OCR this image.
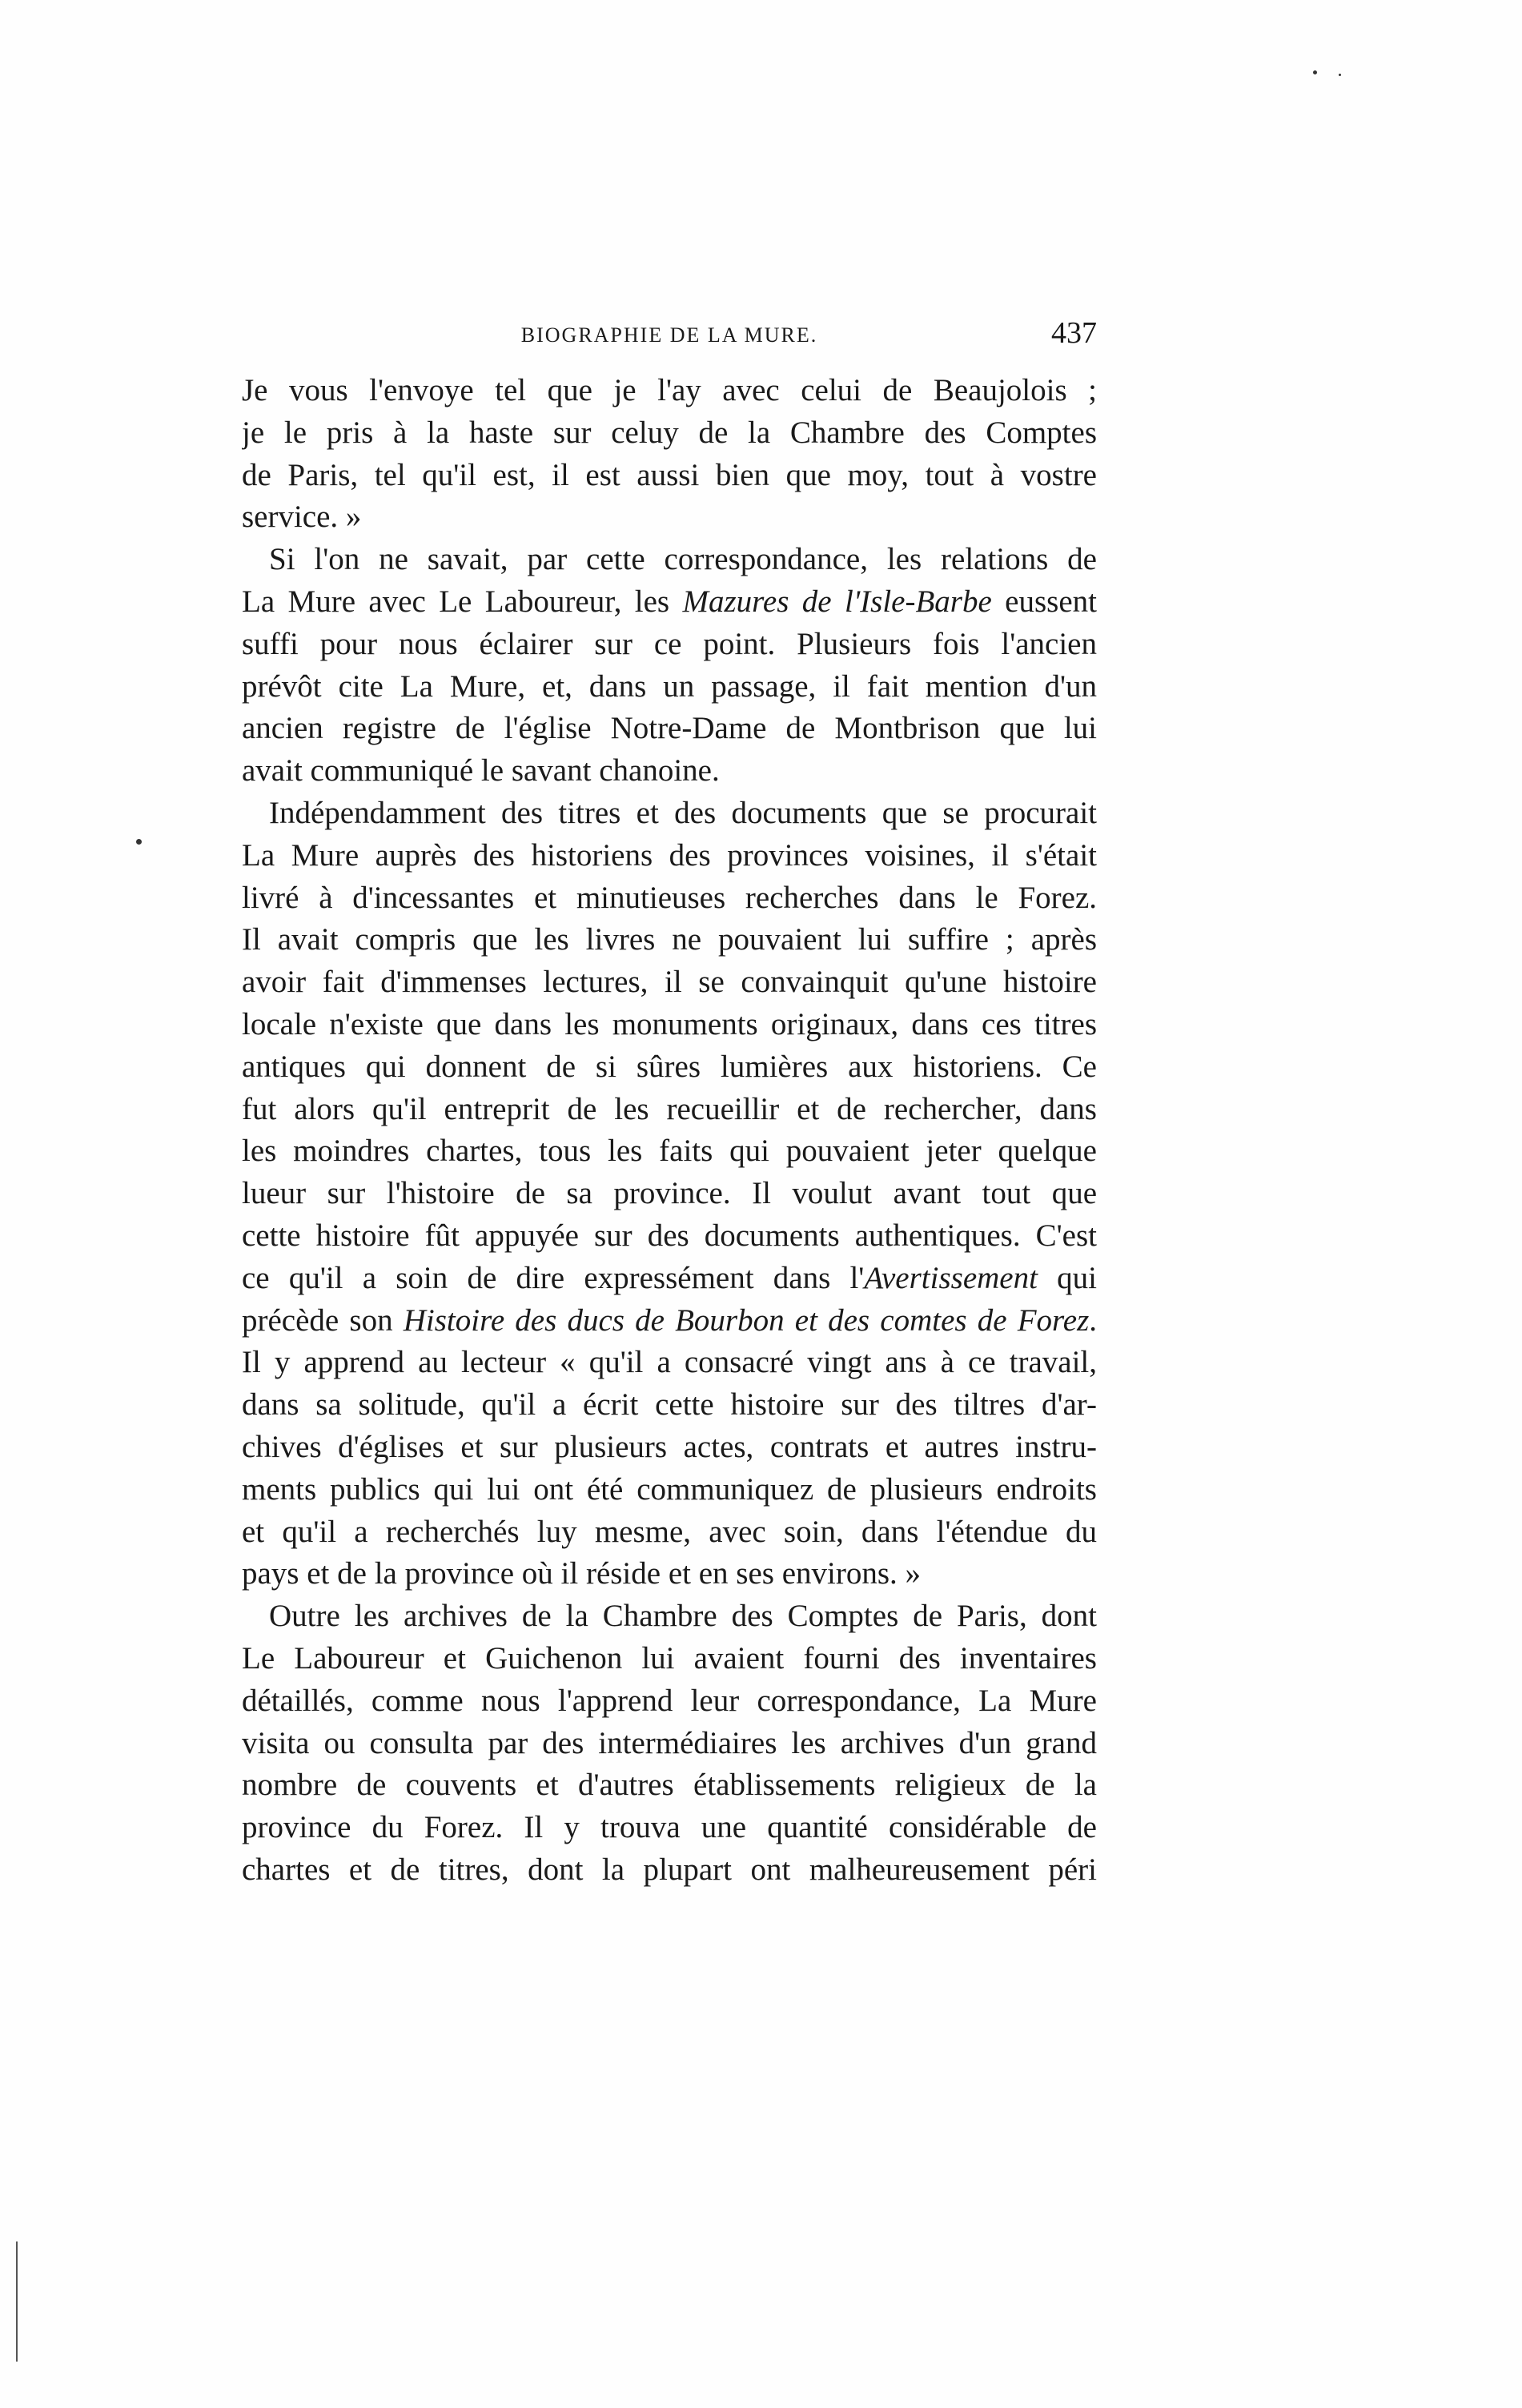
BIOGRAPHIE DE LA MURE.	437
Je vous l'envoye tel que je l'ay avec celui de Beaujolois ;
je le pris à la haste sur celuy de la Chambre des Comptes
de Paris, tel qu'il est, il est aussi bien que moy, tout à vostre
service. »
Si l'on ne savait, par cette correspondance, les relations de
La Mure avec Le Laboureur, les Mazures de l'Isle-Barbe eussent
suffi pour nous éclairer sur ce point. Plusieurs fois l'ancien
prévôt cite La Mure, et, dans un passage, il fait mention d'un
ancien registre de l'église Notre-Dame de Montbrison que lui
avait communiqué le savant chanoine.
Indépendamment des titres et des documents que se procurait
La Mure auprès des historiens des provinces voisines, il s'était
livré à d'incessantes et minutieuses recherches dans le Forez.
Il avait compris que les livres ne pouvaient lui suffire ; après
avoir fait d'immenses lectures, il se convainquit qu'une histoire
locale n'existe que dans les monuments originaux, dans ces titres
antiques qui donnent de si sûres lumières aux historiens. Ce
fut alors qu'il entreprit de les recueillir et de rechercher, dans
les moindres chartes, tous les faits qui pouvaient jeter quelque
lueur sur l'histoire de sa province. Il voulut avant tout que
cette histoire fût appuyée sur des documents authentiques. C'est
ce qu'il a soin de dire expressément dans l'Avertissement qui
précède son Histoire des ducs de Bourbon et des comtes de Forez.
Il y apprend au lecteur « qu'il a consacré vingt ans à ce travail,
dans sa solitude, qu'il a écrit cette histoire sur des tiltres d'ar-
chives d'églises et sur plusieurs actes, contrats et autres instru-
ments publics qui lui ont été communiquez de plusieurs endroits
et qu'il a recherchés luy mesme, avec soin, dans l'étendue du
pays et de la province où il réside et en ses environs. »
Outre les archives de la Chambre des Comptes de Paris, dont
Le Laboureur et Guichenon lui avaient fourni des inventaires
détaillés, comme nous l'apprend leur correspondance, La Mure
visita ou consulta par des intermédiaires les archives d'un grand
nombre de couvents et d'autres établissements religieux de la
province du Forez. Il y trouva une quantité considérable de
chartes et de titres, dont la plupart ont malheureusement péri
